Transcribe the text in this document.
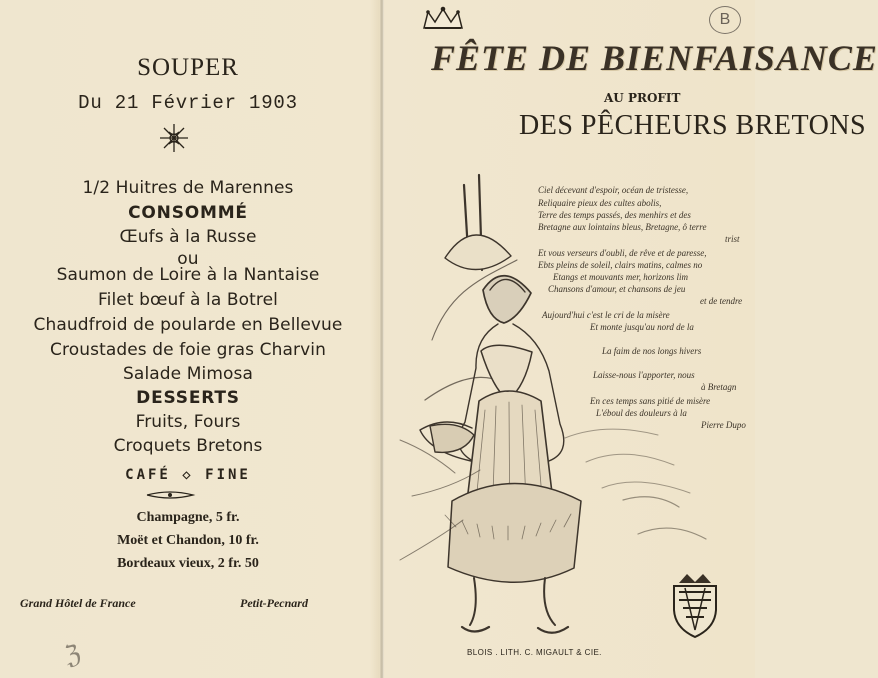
SOUPER
Du 21 Février 1903
1/2 Huitres de Marennes
CONSOMMÉ
Œufs à la Russe
ou
Saumon de Loire à la Nantaise
Filet bœuf à la Botrel
Chaudfroid de poularde en Bellevue
Croustades de foie gras Charvin
Salade Mimosa
DESSERTS
Fruits, Fours
Croquets Bretons
CAFÉ ◇ FINE
Champagne, 5 fr.
Moët et Chandon, 10 fr.
Bordeaux vieux, 2 fr. 50
Grand Hôtel de France	Petit-Pecnard
ℨ
FÊTE DE BIENFAISANCE
AU PROFIT
DES PÊCHEURS BRETONS
B
Ciel décevant d'espoir, océan de tristesse,
Reliquaire pieux des cultes abolis,
Terre des temps passés, des menhirs et des
Bretagne aux lointains bleus, Bretagne, ô terre
trist
Et vous verseurs d'oubli, de rêve et de paresse,
Ebts pleins de soleil, clairs matins, calmes no
Etangs et mouvants mer, horizons lim
Chansons d'amour, et chansons de jeu
et de tendre
Aujourd'hui c'est le cri de la misère
Et monte jusqu'au nord de la
La faim de nos longs hivers
Laisse-nous l'apporter, nous
à Bretagn
En ces temps sans pitié de misère
L'éboul des douleurs à la
Pierre Dupo
BLOIS . LITH. C. MIGAULT & CIE.
